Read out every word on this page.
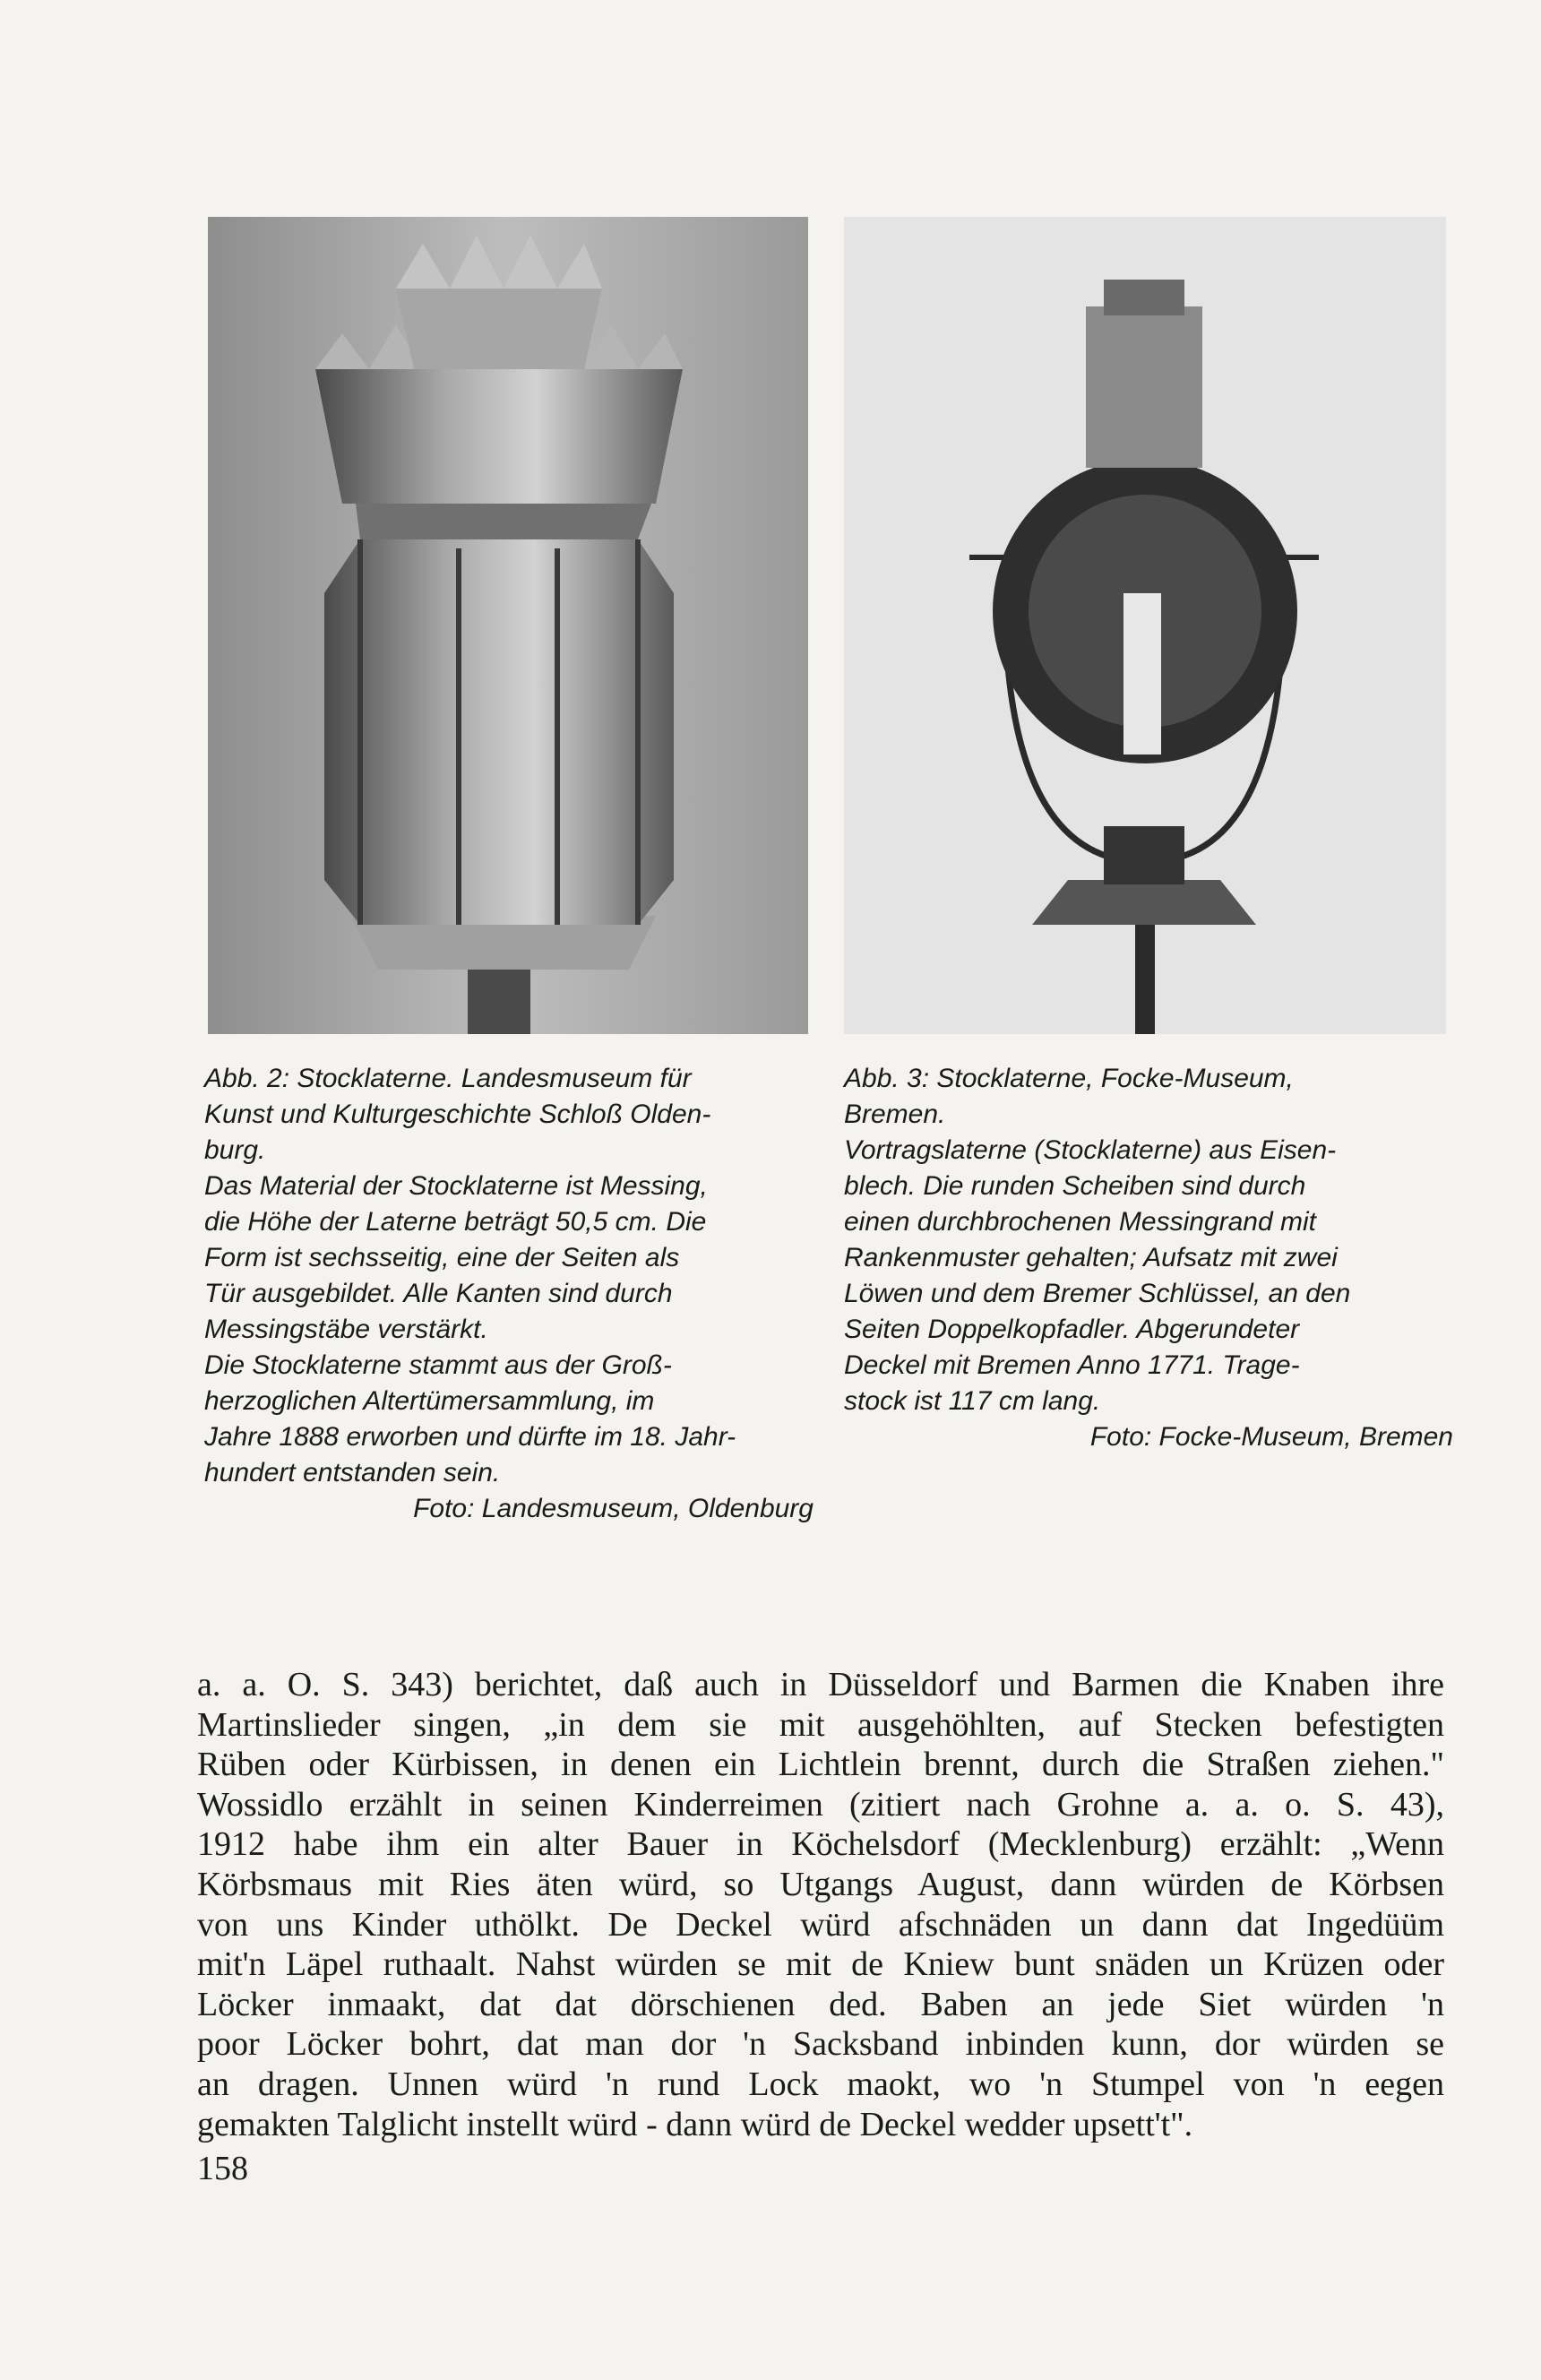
Abb. 2: Stocklaterne. Landesmuseum für

Kunst und Kulturgeschichte Schloß Olden-

burg.

Das Material der Stocklaterne ist Messing,

die Höhe der Laterne beträgt 50,5 cm. Die

Form ist sechsseitig, eine der Seiten als

Tür ausgebildet. Alle Kanten sind durch

Messingstäbe verstärkt.

Die Stocklaterne stammt aus der Groß-

herzoglichen Altertümersammlung, im

Jahre 1888 erworben und dürfte im 18. Jahr-

hundert entstanden sein.

Foto: Landesmuseum, Oldenburg

Abb. 3: Stocklaterne, Focke-Museum,

Bremen.

Vortragslaterne (Stocklaterne) aus Eisen-

blech. Die runden Scheiben sind durch

einen durchbrochenen Messingrand mit

Rankenmuster gehalten; Aufsatz mit zwei

Löwen und dem Bremer Schlüssel, an den

Seiten Doppelkopfadler. Abgerundeter

Deckel mit Bremen Anno 1771. Trage-

stock ist 117 cm lang.

Foto: Focke-Museum, Bremen

a. a. O. S. 343) berichtet, daß auch in Düsseldorf und Barmen die Knaben ihre
Martinslieder singen, „in dem sie mit ausgehöhlten, auf Stecken befestigten
Rüben oder Kürbissen, in denen ein Lichtlein brennt, durch die Straßen ziehen."
Wossidlo erzählt in seinen Kinderreimen (zitiert nach Grohne a. a. o. S. 43),
1912 habe ihm ein alter Bauer in Köchelsdorf (Mecklenburg) erzählt: „Wenn
Körbsmaus mit Ries äten würd, so Utgangs August, dann würden de Körbsen
von uns Kinder uthölkt. De Deckel würd afschnäden un dann dat Ingedüüm
mit'n Läpel ruthaalt. Nahst würden se mit de Kniew bunt snäden un Krüzen oder
Löcker inmaakt, dat dat dörschienen ded. Baben an jede Siet würden 'n
poor Löcker bohrt, dat man dor 'n Sacksband inbinden kunn, dor würden se
an dragen. Unnen würd 'n rund Lock maokt, wo 'n Stumpel von 'n eegen
gemakten Talglicht instellt würd - dann würd de Deckel wedder upsett't".
158
